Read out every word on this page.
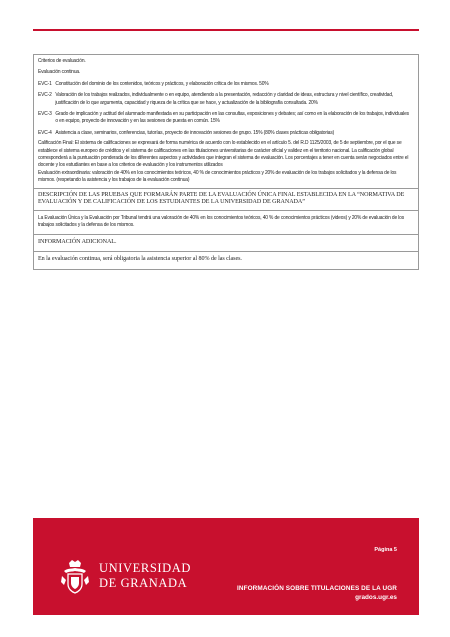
Criterios de evaluación.

Evaluación continua.

EVC-1 Constitución del dominio de los contenidos, teóricos y prácticos, y elaboración crítica de los mismos. 50%

EVC-2 Valoración de los trabajos realizados, individualmente o en equipo, atendiendo a la presentación, redacción y claridad de ideas, estructura y nivel científico, creatividad, justificación de lo que argumenta, capacidad y riqueza de la crítica que se hace, y actualización de la bibliografía consultada. 20%

EVC-3 Grado de implicación y actitud del alumnado manifestada en su participación en las consultas, exposiciones y debates; así como en la elaboración de los trabajos, individuales o en equipo, proyecto de innovación y en las sesiones de puesta en común. 15%

EVC-4 Asistencia a clase, seminarios, conferencias, tutorías, proyecto de innovación sesiones de grupo. 15% (80% clases prácticas obligatorias)

Calificación Final: El sistema de calificaciones se expresará de forma numérica de acuerdo con lo establecido en el artículo 5. del R.D 1125/2003, de 5 de septiembre, por el que se establece el sistema europeo de créditos y el sistema de calificaciones en las titulaciones universitarias de carácter oficial y validez en el territorio nacional. La calificación global corresponderá a la puntuación ponderada de los diferentes aspectos y actividades que integran el sistema de evaluación. Los porcentajes a tener en cuenta serán negociados entre el docente y los estudiantes en base a los criterios de evaluación y los instrumentos utilizados

Evaluación extraordinaria: valoración de 40% en los conocimientos teóricos, 40 % de conocimientos prácticos y 20% de evaluación de los trabajos solicitados y la defensa de los mismos. (respetando la asistencia y los trabajos de la evaluación continua)

DESCRIPCIÓN DE LAS PRUEBAS QUE FORMARÁN PARTE DE LA EVALUACIÓN ÚNICA FINAL ESTABLECIDA EN LA “NORMATIVA DE EVALUACIÓN Y DE CALIFICACIÓN DE LOS ESTUDIANTES DE LA UNIVERSIDAD DE GRANADA”

La Evaluación Única y la Evaluación por Tribunal tendrá una valoración de 40% en los conocimientos teóricos, 40 % de conocimientos prácticos (videos) y 20% de evaluación de los trabajos solicitados y la defensa de los mismos.

INFORMACIÓN ADICIONAL.

En la evaluación continua, será obligatoria la asistencia superior al 80% de las clases.

UNIVERSIDAD
DE GRANADA
Página 5
INFORMACIÓN SOBRE TITULACIONES DE LA UGR
grados.ugr.es
